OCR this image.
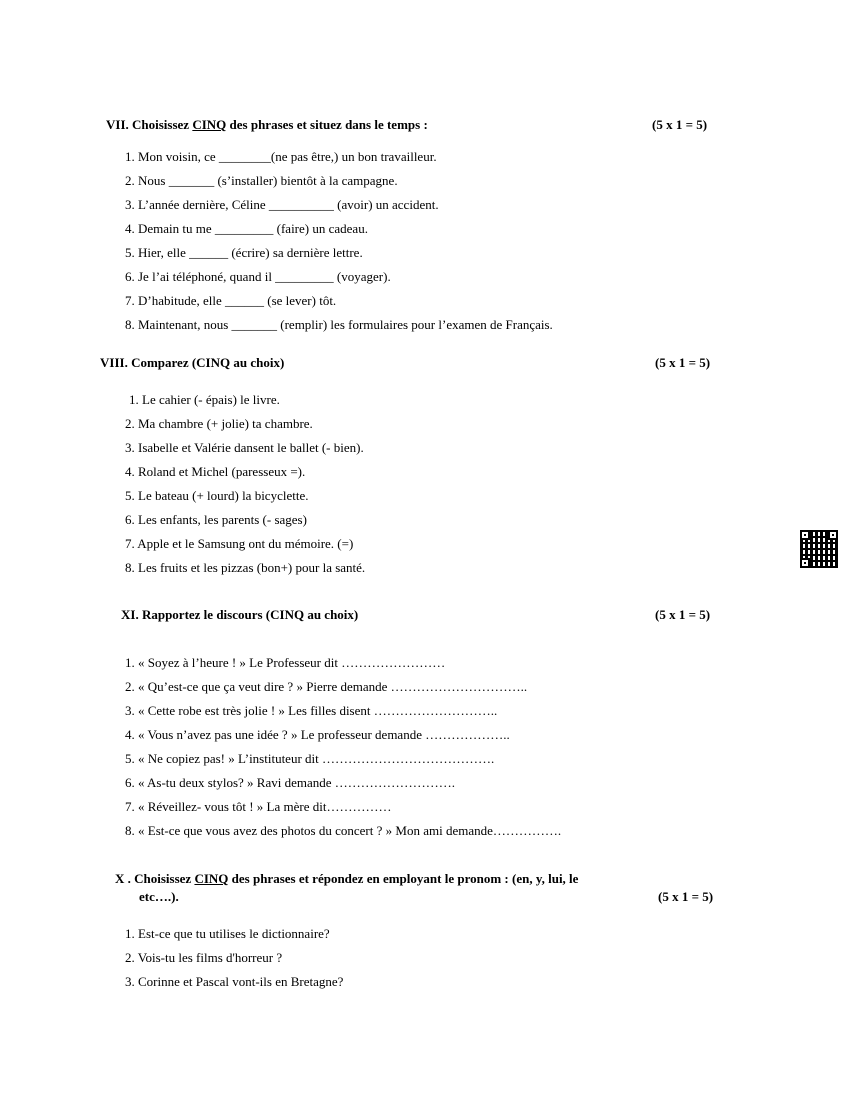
VII. Choisissez CINQ des phrases et situez dans le temps :	(5 x 1 = 5)
1. Mon voisin, ce ________(ne pas être,) un bon travailleur.
2. Nous _______ (s’installer) bientôt à la campagne.
3. L’année dernière, Céline __________ (avoir) un accident.
4. Demain tu me _________ (faire) un cadeau.
5. Hier, elle ______ (écrire) sa dernière lettre.
6. Je l’ai téléphoné, quand il _________ (voyager).
7. D’habitude, elle ______ (se lever) tôt.
8. Maintenant, nous _______ (remplir) les formulaires pour l’examen de Français.
VIII. Comparez (CINQ au choix)	(5 x 1 = 5)
1. Le cahier (- épais) le livre.
2. Ma chambre (+ jolie) ta chambre.
3. Isabelle et Valérie dansent le ballet (- bien).
4. Roland et Michel (paresseux =).
5. Le bateau (+ lourd) la bicyclette.
6. Les enfants, les parents (- sages)
7. Apple et le Samsung ont du mémoire. (=)
8. Les fruits et les pizzas (bon+) pour la santé.
XI. Rapportez le discours (CINQ au choix)	(5 x 1 = 5)
1. « Soyez à l’heure ! » Le Professeur dit ……………………
2. « Qu’est-ce que ça veut dire ? » Pierre demande …………………………..
3. « Cette robe est très jolie ! » Les filles disent ………………………..
4. « Vous n’avez pas une idée ? » Le professeur demande ………………..
5. « Ne copiez pas! » L’instituteur dit ………………………………….
6. « As-tu deux stylos? » Ravi demande ……………………….
7. « Réveillez- vous tôt ! » La mère dit……………
8. « Est-ce que vous avez des photos du concert ? » Mon ami demande…………….
X . Choisissez CINQ des phrases et répondez en employant le pronom : (en, y, lui, le
etc….).	(5 x 1 = 5)
1. Est-ce que tu utilises le dictionnaire?
2. Vois-tu les films d'horreur ?
3. Corinne et Pascal vont-ils en Bretagne?
